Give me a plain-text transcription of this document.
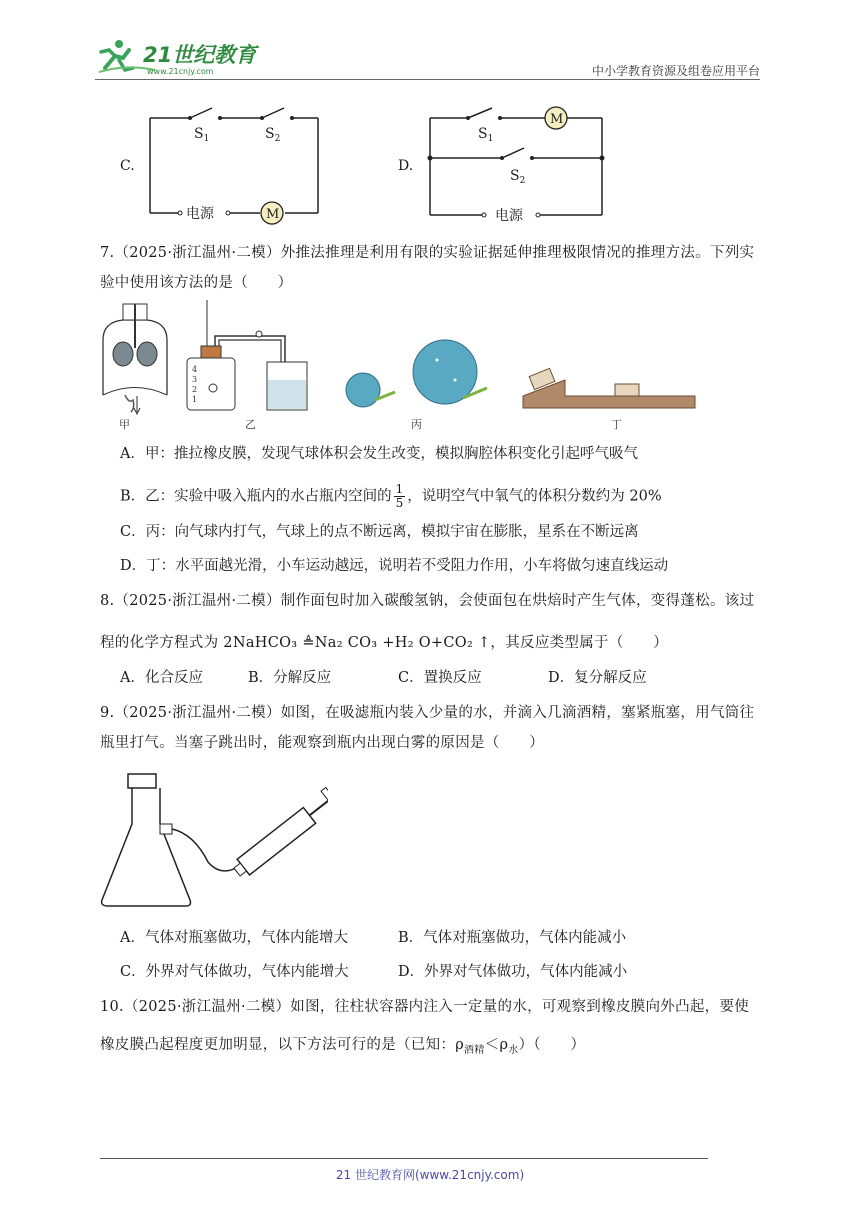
21世纪教育
www.21cnjy.com	中小学教育资源及组卷应用平台
C.
$S_1$	$S_2$
电源	M
D.
M
$S_1$
$S_2$
电源
7.（2025·浙江温州·二模）外推法推理是利用有限的实验证据延伸推理极限情况的推理方法。下列实验中使用该方法的是（　　）
4
3
2
1
甲	乙	丙	丁
A．甲：推拉橡皮膜，发现气球体积会发生改变，模拟胸腔体积变化引起呼气吸气
B．乙：实验中吸入瓶内的水占瓶内空间的 $\frac{1}{5}$ ，说明空气中氧气的体积分数约为 20%
C．丙：向气球内打气，气球上的点不断远离，模拟宇宙在膨胀，星系在不断远离
D．丁：水平面越光滑，小车运动越远，说明若不受阻力作用，小车将做匀速直线运动
8.（2025·浙江温州·二模）制作面包时加入碳酸氢钠，会使面包在烘焙时产生气体，变得蓬松。该过
程的化学方程式为 2NaHCO₃ ≜Na₂ CO₃ +H₂ O+CO₂ ↑，其反应类型属于（　　）
A．化合反应	B．分解反应	C．置换反应	D．复分解反应
9.（2025·浙江温州·二模）如图，在吸滤瓶内装入少量的水，并滴入几滴酒精，塞紧瓶塞，用气筒往瓶里打气。当塞子跳出时，能观察到瓶内出现白雾的原因是（　　）
A．气体对瓶塞做功，气体内能增大	B．气体对瓶塞做功，气体内能减小
C．外界对气体做功，气体内能增大	D．外界对气体做功，气体内能减小
10.（2025·浙江温州·二模）如图，往柱状容器内注入一定量的水，可观察到橡皮膜向外凸起，要使
橡皮膜凸起程度更加明显，以下方法可行的是（已知：$\rho_{酒精}<\rho_水$）（　　）
21 世纪教育网(www.21cnjy.com)
